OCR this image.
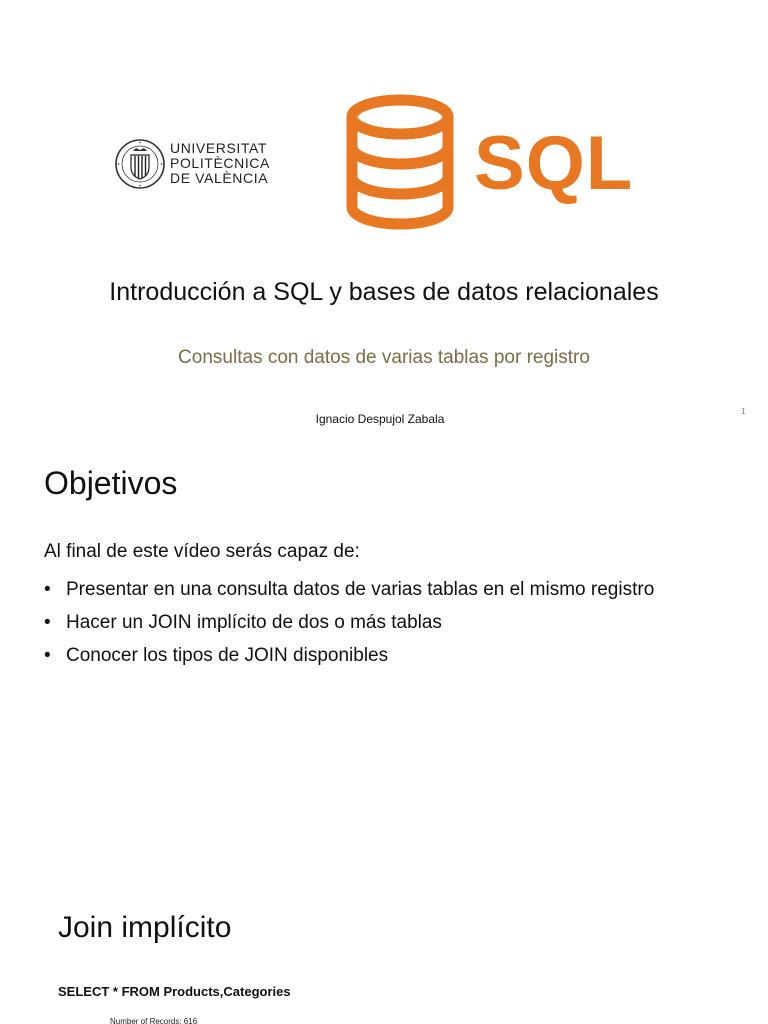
UNIVERSITAT
POLITÈCNICA
DE VALÈNCIA	SQL
Introducción a SQL y bases de datos relacionales
Consultas con datos de varias tablas por registro
Ignacio Despujol Zabala
1
Objetivos
Al final de este vídeo serás capaz de:
• Presentar en una consulta datos de varias tablas en el mismo registro
• Hacer un JOIN implícito de dos o más tablas
• Conocer los tipos de JOIN disponibles
Join implícito
SELECT * FROM Products,Categories
Number of Records: 616
